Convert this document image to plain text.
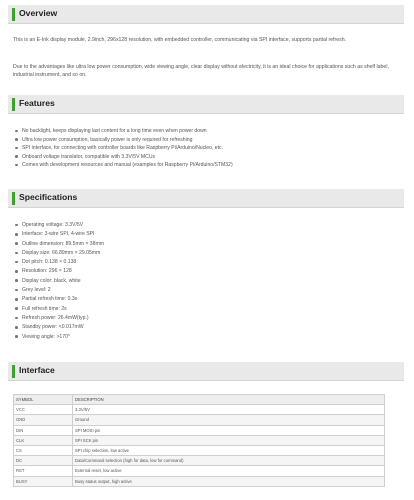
Overview

This is an E-Ink display module, 2.9inch, 296x128 resolution, with embedded controller, communicating via SPI interface, supports partial refresh.

Due to the advantages like ultra low power consumption, wide viewing angle, clear display without electricity, it is an ideal choice for applications such as shelf label, industrial instrument, and so on.

Features
No backlight, keeps displaying last content for a long time even when power down
Ultra low power consumption, basically power is only required for refreshing
SPI interface, for connecting with controller boards like Raspberry Pi/Arduino/Nucleo, etc.
Onboard voltage translator, compatible with 3.3V/5V MCUs
Comes with development resources and manual (examples for Raspberry Pi/Arduino/STM32)
Specifications
Operating voltage: 3.3V/5V
Interface: 3-wire SPI, 4-wire SPI
Outline dimension: 89.5mm × 38mm
Display size: 66.89mm × 29.05mm
Dot pitch: 0.138 × 0.138
Resolution: 296 × 128
Display color: black, white
Grey level: 2
Partial refresh time: 0.3s
Full refresh time: 2s
Refresh power: 26.4mW(typ.)
Standby power: <0.017mW
Viewing angle: >170°
Interface
SYMBOL	DESCRIPTION
VCC	3.3V/5V
GND	Ground
DIN	SPI MOSI pin
CLK	SPI SCK pin
CS	SPI chip selection, low active
DC	Data/Command selection (high for data, low for command)
RST	External reset, low active
BUSY	Busy status output, high active
